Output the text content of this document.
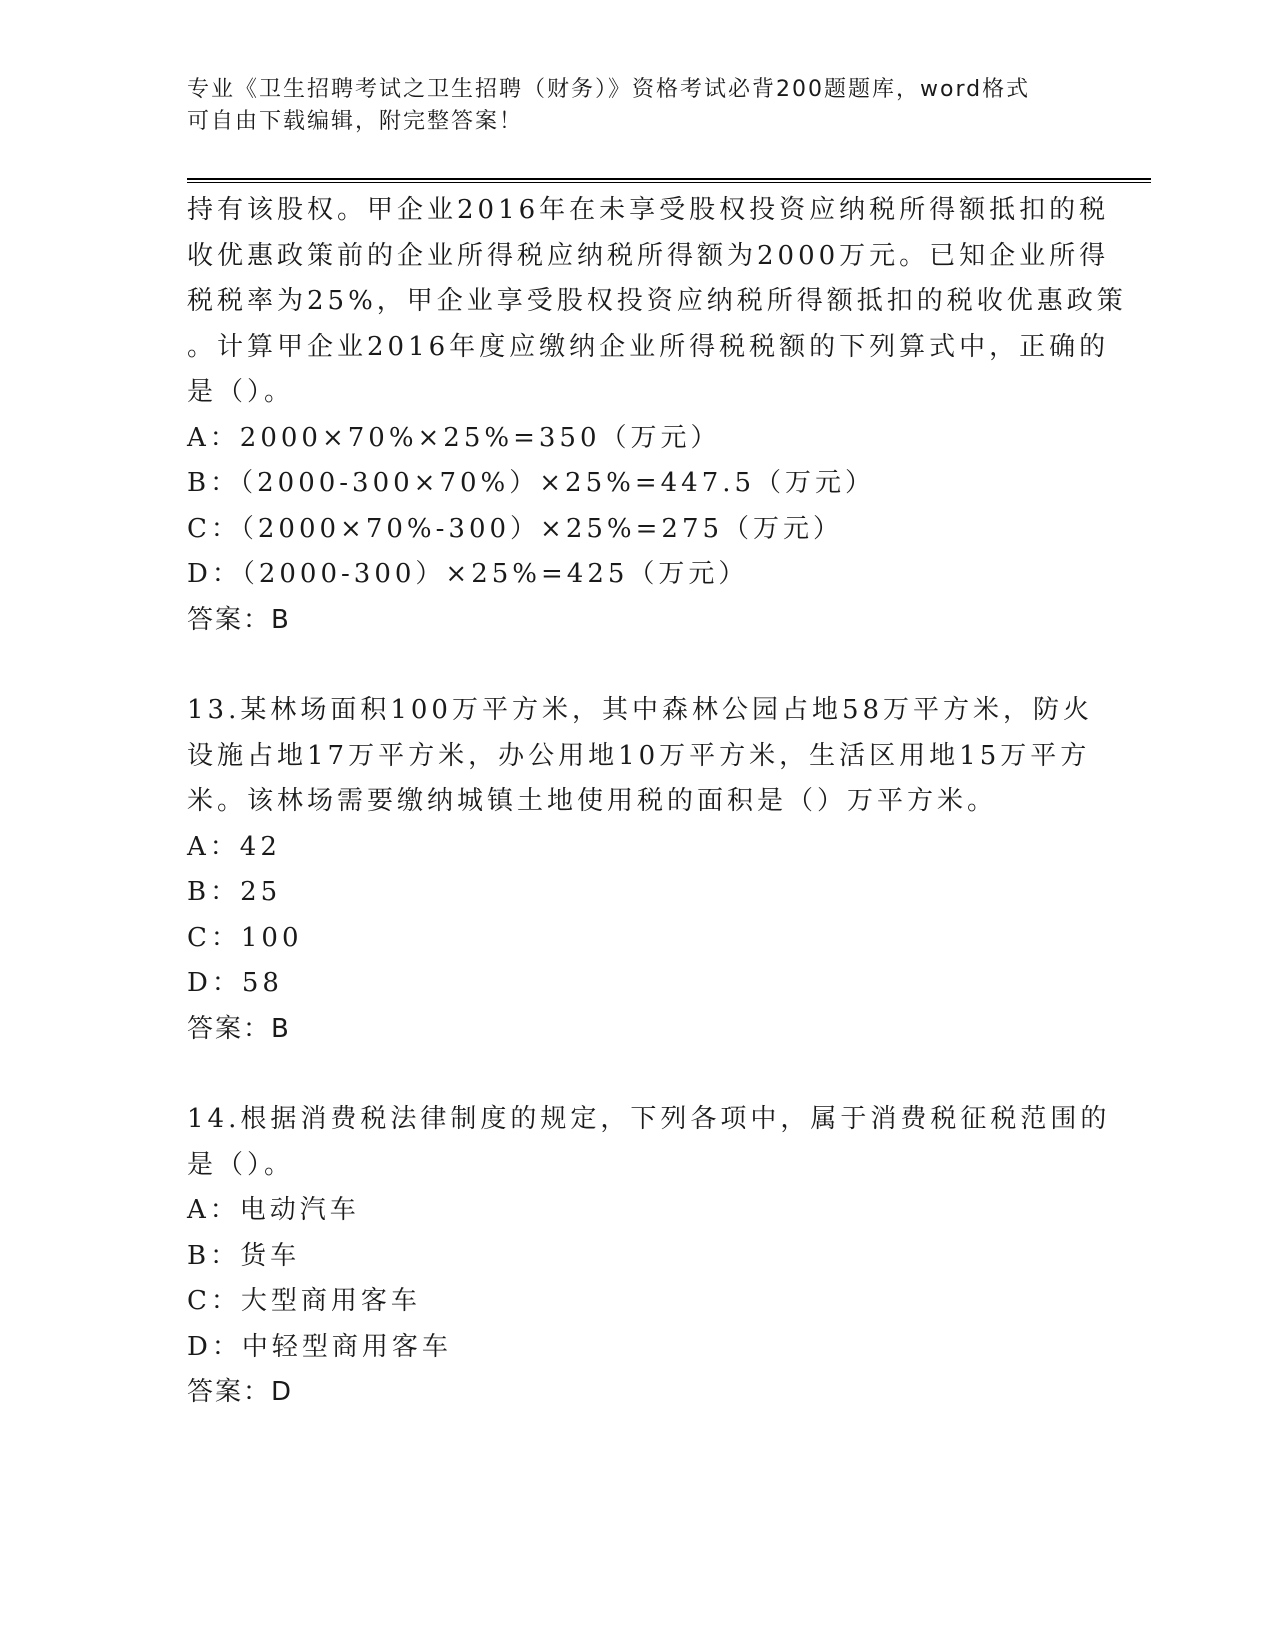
专业《卫生招聘考试之卫生招聘（财务）》资格考试必背200题题库，word格式
可自由下载编辑，附完整答案！
持有该股权。甲企业2016年在未享受股权投资应纳税所得额抵扣的税
收优惠政策前的企业所得税应纳税所得额为2000万元。已知企业所得
税税率为25%，甲企业享受股权投资应纳税所得额抵扣的税收优惠政策
。计算甲企业2016年度应缴纳企业所得税税额的下列算式中，正确的
是（）。
A：2000×70%×25%=350（万元）
B：（2000-300×70%）×25%=447.5（万元）
C：（2000×70%-300）×25%=275（万元）
D：（2000-300）×25%=425（万元）
答案：B
13.某林场面积100万平方米，其中森林公园占地58万平方米，防火
设施占地17万平方米，办公用地10万平方米，生活区用地15万平方
米。该林场需要缴纳城镇土地使用税的面积是（）万平方米。
A：42
B：25
C：100
D：58
答案：B
14.根据消费税法律制度的规定，下列各项中，属于消费税征税范围的
是（）。
A：电动汽车
B：货车
C：大型商用客车
D：中轻型商用客车
答案：D
